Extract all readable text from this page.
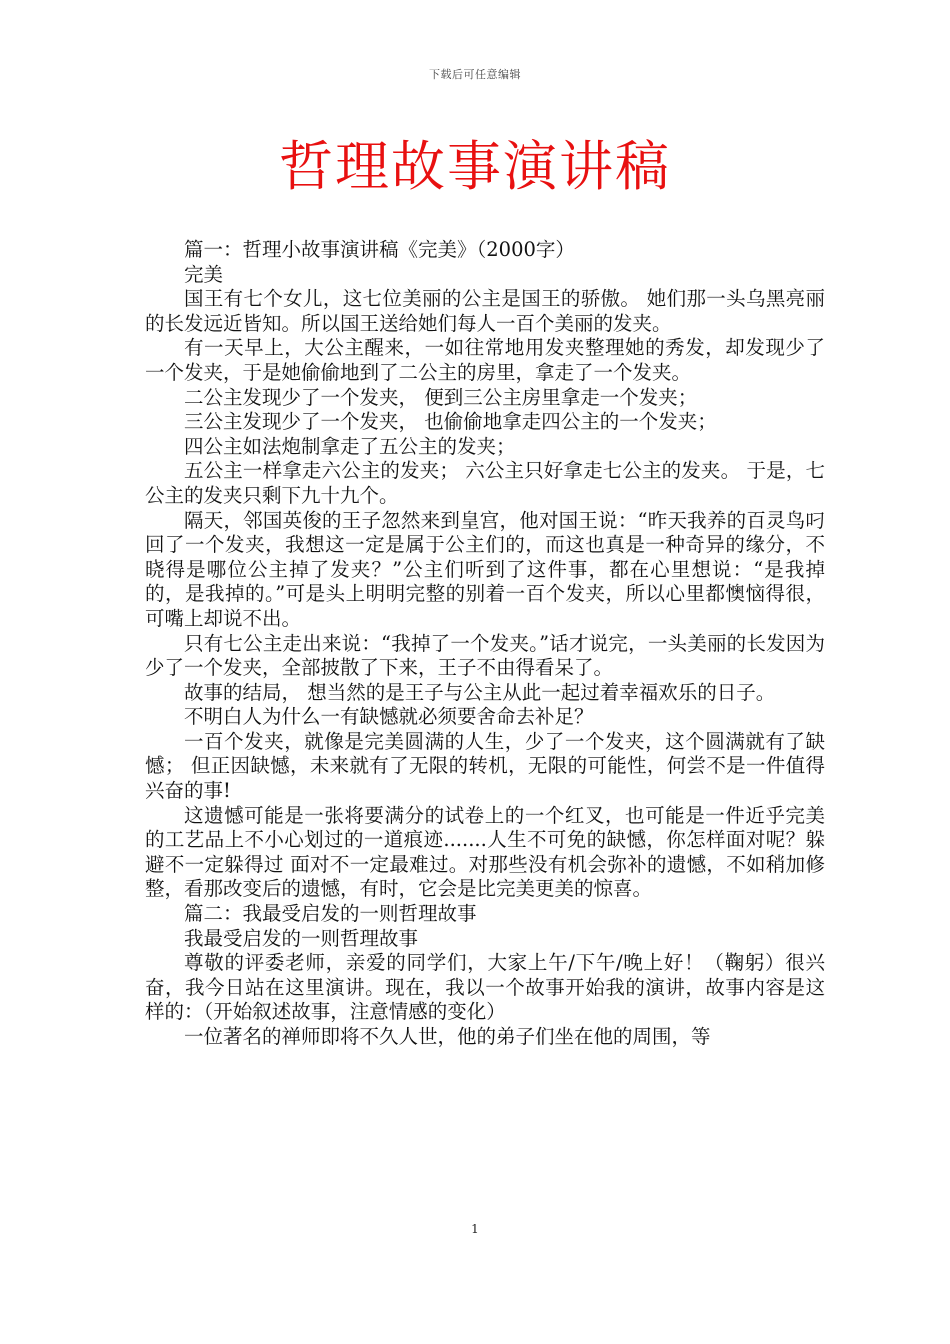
下载后可任意编辑
哲理故事演讲稿

篇一：哲理小故事演讲稿《完美》（2000字）

完美

国王有七个女儿，这七位美丽的公主是国王的骄傲。 她们那一头乌黑亮丽的长发远近皆知。所以国王送给她们每人一百个美丽的发夹。

有一天早上，大公主醒来，一如往常地用发夹整理她的秀发，却发现少了一个发夹，于是她偷偷地到了二公主的房里，拿走了一个发夹。

二公主发现少了一个发夹， 便到三公主房里拿走一个发夹；

三公主发现少了一个发夹， 也偷偷地拿走四公主的一个发夹；

四公主如法炮制拿走了五公主的发夹；

五公主一样拿走六公主的发夹； 六公主只好拿走七公主的发夹。 于是，七公主的发夹只剩下九十九个。

隔天，邻国英俊的王子忽然来到皇宫，他对国王说：“昨天我养的百灵鸟叼回了一个发夹，我想这一定是属于公主们的，而这也真是一种奇异的缘分，不晓得是哪位公主掉了发夹？”公主们听到了这件事，都在心里想说：“是我掉的，是我掉的。”可是头上明明完整的别着一百个发夹，所以心里都懊恼得很，可嘴上却说不出。

只有七公主走出来说：“我掉了一个发夹。”话才说完，一头美丽的长发因为少了一个发夹，全部披散了下来，王子不由得看呆了。

故事的结局， 想当然的是王子与公主从此一起过着幸福欢乐的日子。

不明白人为什么一有缺憾就必须要舍命去补足？

一百个发夹，就像是完美圆满的人生，少了一个发夹，这个圆满就有了缺憾； 但正因缺憾，未来就有了无限的转机，无限的可能性，何尝不是一件值得兴奋的事!

这遗憾可能是一张将要满分的试卷上的一个红叉，也可能是一件近乎完美的工艺品上不小心划过的一道痕迹.......人生不可免的缺憾，你怎样面对呢？躲避不一定躲得过 面对不一定最难过。对那些没有机会弥补的遗憾，不如稍加修整，看那改变后的遗憾，有时，它会是比完美更美的惊喜。

篇二：我最受启发的一则哲理故事

我最受启发的一则哲理故事

尊敬的评委老师，亲爱的同学们，大家上午/下午/晚上好！（鞠躬）很兴奋，我今日站在这里演讲。现在，我以一个故事开始我的演讲，故事内容是这样的：（开始叙述故事，注意情感的变化）

一位著名的禅师即将不久人世，他的弟子们坐在他的周围，等

1
